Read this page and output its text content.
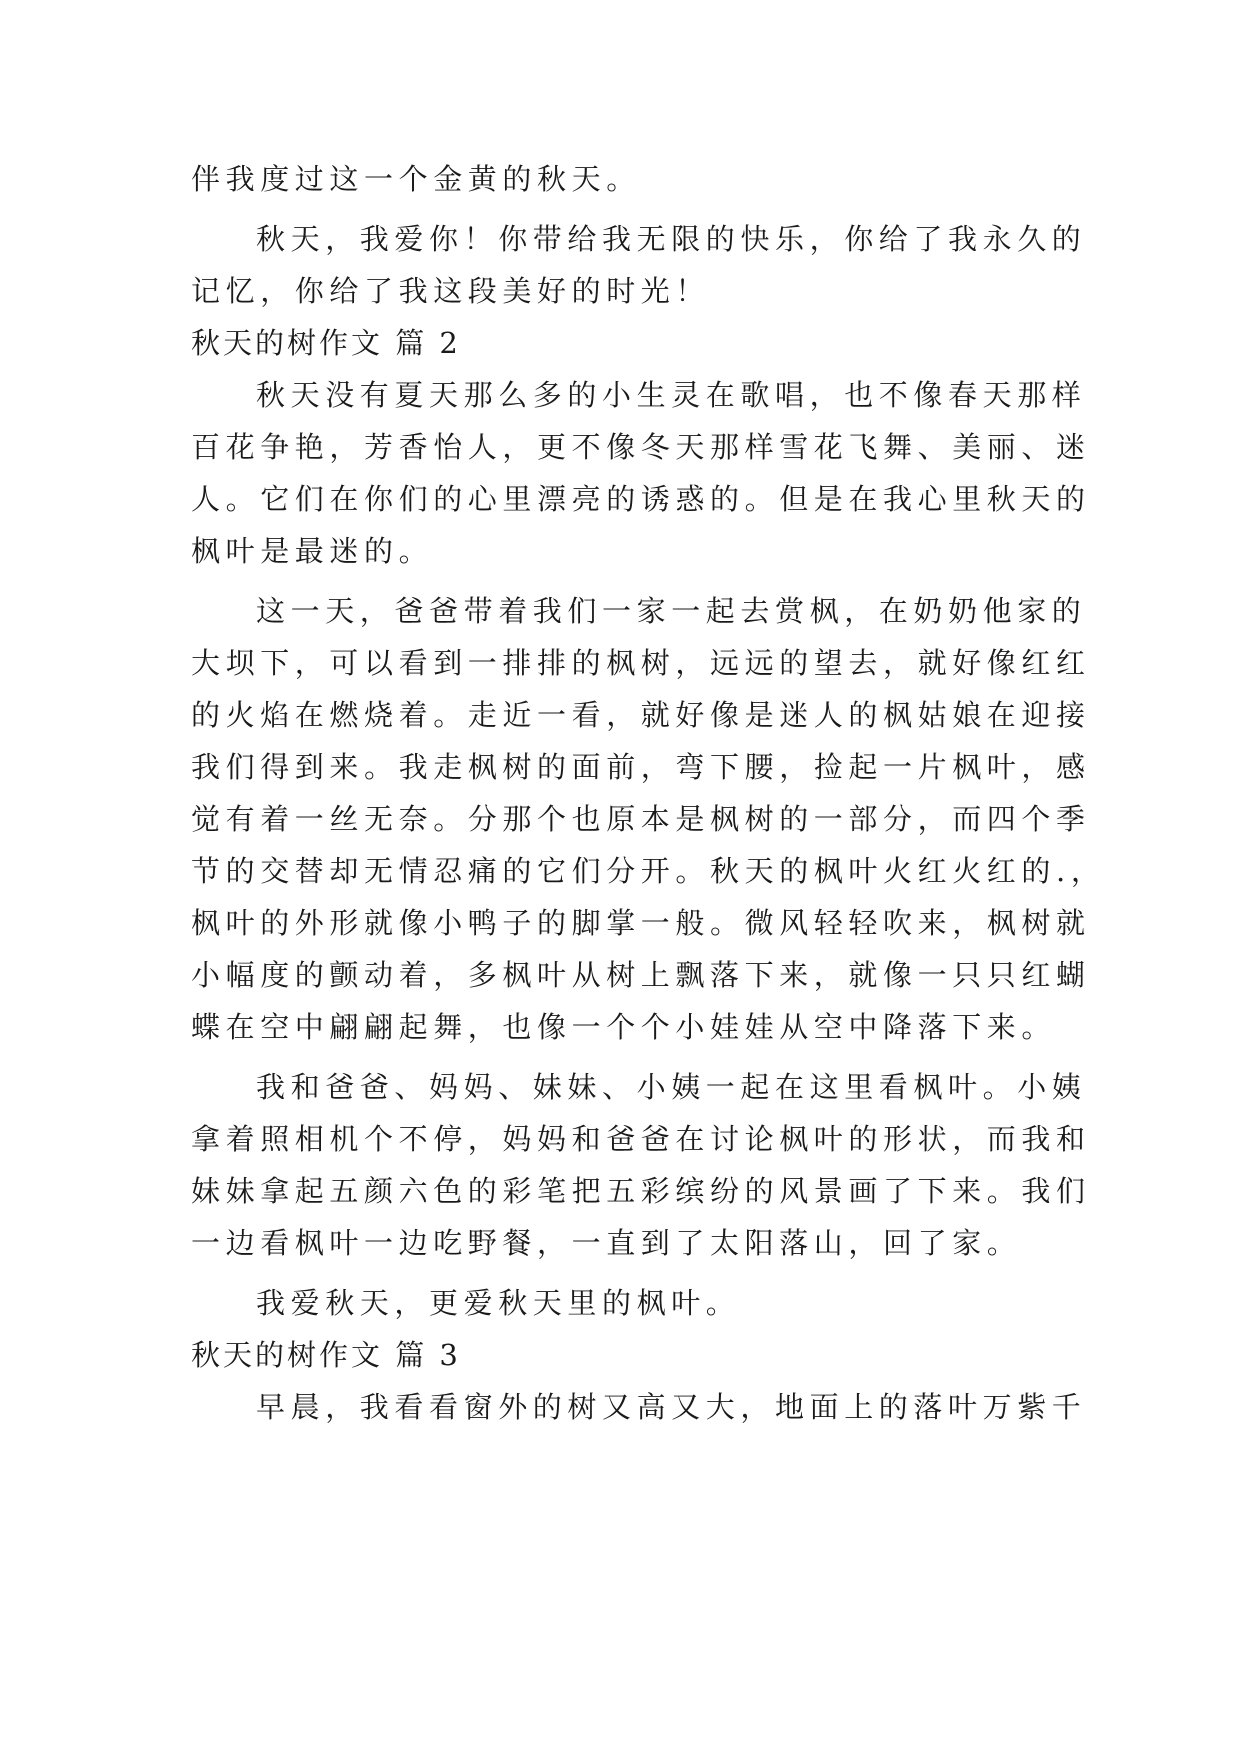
伴我度过这一个金黄的秋天。
秋天，我爱你！你带给我无限的快乐，你给了我永久的
记忆，你给了我这段美好的时光！
秋天的树作文 篇 2
秋天没有夏天那么多的小生灵在歌唱，也不像春天那样
百花争艳，芳香怡人，更不像冬天那样雪花飞舞、美丽、迷
人。它们在你们的心里漂亮的诱惑的。但是在我心里秋天的
枫叶是最迷的。
这一天，爸爸带着我们一家一起去赏枫，在奶奶他家的
大坝下，可以看到一排排的枫树，远远的望去，就好像红红
的火焰在燃烧着。走近一看，就好像是迷人的枫姑娘在迎接
我们得到来。我走枫树的面前，弯下腰，捡起一片枫叶，感
觉有着一丝无奈。分那个也原本是枫树的一部分，而四个季
节的交替却无情忍痛的它们分开。秋天的枫叶火红火红的.，
枫叶的外形就像小鸭子的脚掌一般。微风轻轻吹来，枫树就
小幅度的颤动着，多枫叶从树上飘落下来，就像一只只红蝴
蝶在空中翩翩起舞，也像一个个小娃娃从空中降落下来。
我和爸爸、妈妈、妹妹、小姨一起在这里看枫叶。小姨
拿着照相机个不停，妈妈和爸爸在讨论枫叶的形状，而我和
妹妹拿起五颜六色的彩笔把五彩缤纷的风景画了下来。我们
一边看枫叶一边吃野餐，一直到了太阳落山，回了家。
我爱秋天，更爱秋天里的枫叶。
秋天的树作文 篇 3
早晨，我看看窗外的树又高又大，地面上的落叶万紫千
